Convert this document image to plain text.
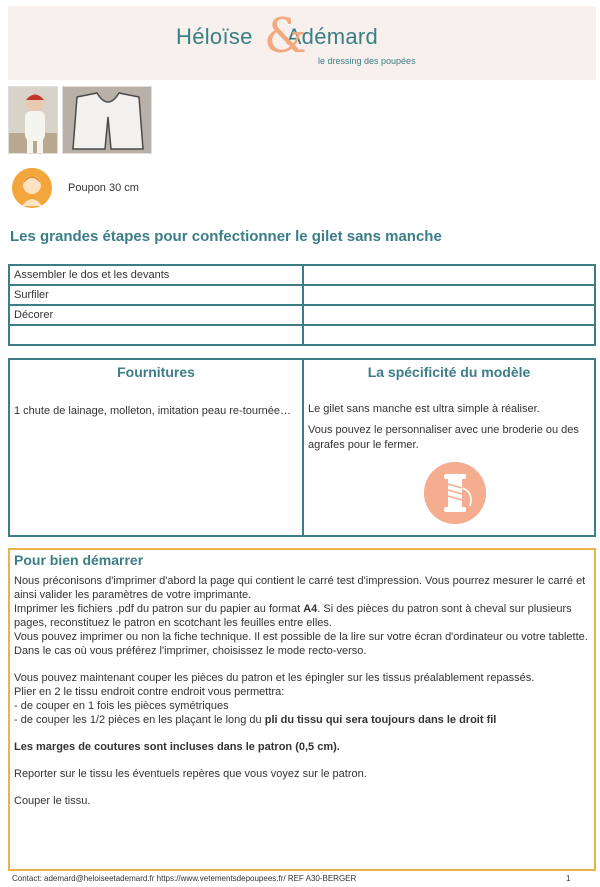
Héloïse Adémard
& le dressing des poupées
Poupon 30 cm
Les grandes étapes pour confectionner le gilet sans manche
Assembler le dos et les devants	
Surfiler	
Décorer	

Fournitures

1 chute de lainage, molleton, imitation peau re-tournée…

La spécificité du modèle

Le gilet sans manche est ultra simple à réaliser.

Vous pouvez le personnaliser avec une broderie ou des agrafes pour le fermer.

Pour bien démarrer

Nous préconisons d'imprimer d'abord la page qui contient le carré test d'impression. Vous pourrez mesurer le carré et ainsi valider les paramètres de votre imprimante.

Imprimer les fichiers .pdf du patron sur du papier au format A4. Si des pièces du patron sont à cheval sur plusieurs pages, reconstituez le patron en scotchant les feuilles entre elles.

Vous pouvez imprimer ou non la fiche technique. Il est possible de la lire sur votre écran d'ordinateur ou votre tablette. Dans le cas où vous préférez l'imprimer, choisissez le mode recto-verso.

Vous pouvez maintenant couper les pièces du patron et les épingler sur les tissus préalablement repassés.

Plier en 2 le tissu endroit contre endroit vous permettra:

- de couper en 1 fois les pièces symétriques

- de couper les 1/2 pièces en les plaçant le long du pli du tissu qui sera toujours dans le droit fil

Les marges de coutures sont incluses dans le patron (0,5 cm).

Reporter sur le tissu les éventuels repères que vous voyez sur le patron.

Couper le tissu.

Contact: ademard@heloiseetademard.fr https://www.vetementsdepoupees.fr/ REF A30-BERGER	1
